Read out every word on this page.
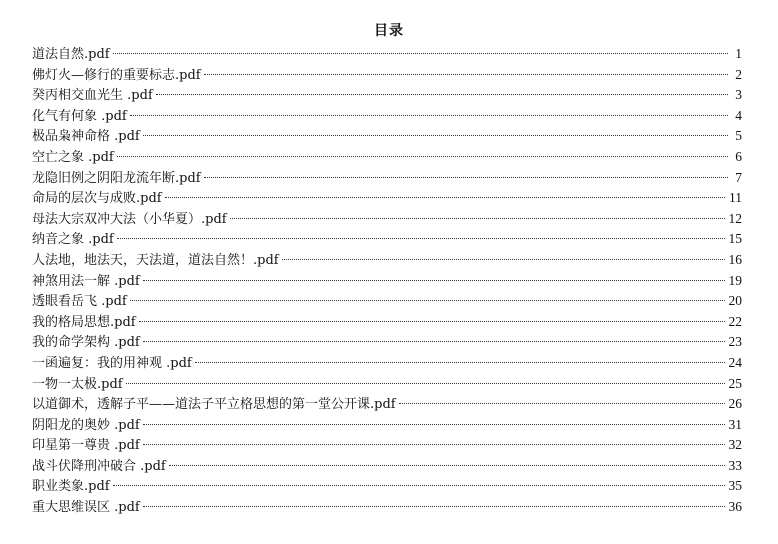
目录
道法自然.pdf	1
佛灯火—修行的重要标志.pdf	2
癸丙相交血光生 .pdf	3
化气有何象 .pdf	4
极品枭神命格 .pdf	5
空亡之象 .pdf	6
龙隐旧例之阴阳龙流年断.pdf	7
命局的层次与成败.pdf	11
母法大宗双冲大法（小华夏）.pdf	12
纳音之象 .pdf	15
人法地，地法天，天法道，道法自然！.pdf	16
神煞用法一解 .pdf	19
透眼看岳飞 .pdf	20
我的格局思想.pdf	22
我的命学架构 .pdf	23
一函遍复：我的用神观 .pdf	24
一物一太极.pdf	25
以道御术，透解子平——道法子平立格思想的第一堂公开课.pdf	26
阴阳龙的奥妙 .pdf	31
印星第一尊贵 .pdf	32
战斗伏降刑冲破合 .pdf	33
职业类象.pdf	35
重大思维误区 .pdf	36
